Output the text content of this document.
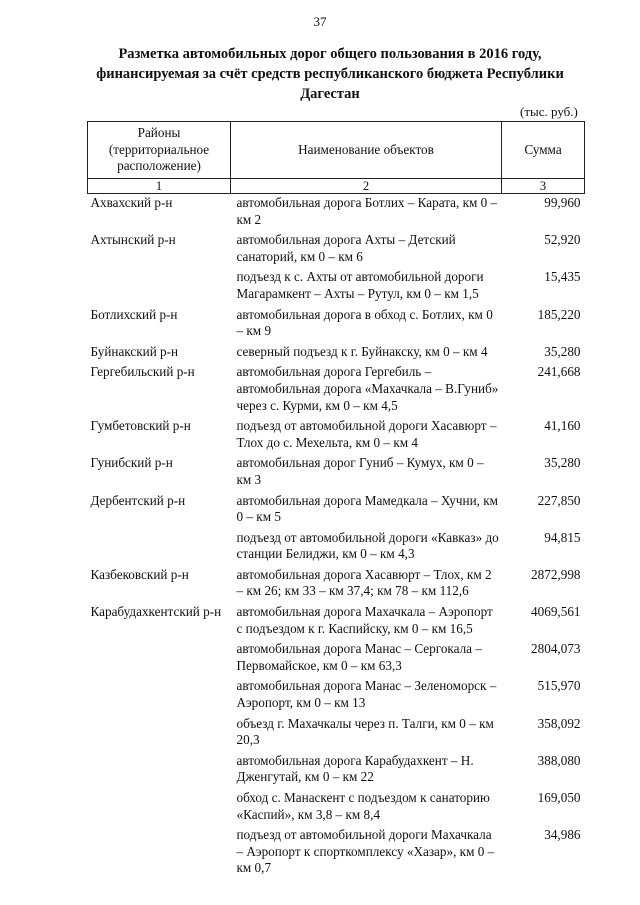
37
Разметка автомобильных дорог общего пользования в 2016 году,
финансируемая за счёт средств республиканского бюджета Республики
Дагестан
(тыс. руб.)
Районы (территориальное расположение)	Наименование объектов	Сумма
1	2	3
Ахвахский р-н	автомобильная дорога Ботлих – Карата, км 0 – км 2	99,960
Ахтынский р-н	автомобильная дорога Ахты – Детский санаторий, км 0 – км 6	52,920
	подъезд к с. Ахты от автомобильной дороги Магарамкент – Ахты – Рутул, км 0 – км 1,5	15,435
Ботлихский р-н	автомобильная дорога в обход с. Ботлих, км 0 – км 9	185,220
Буйнакский р-н	северный подъезд к г. Буйнакску, км 0 – км 4	35,280
Гергебильский р-н	автомобильная дорога Гергебиль – автомобильная дорога «Махачкала – В.Гуниб» через с. Курми, км 0 – км 4,5	241,668
Гумбетовский р-н	подъезд от автомобильной дороги Хасавюрт – Тлох до с. Мехельта, км 0 – км 4	41,160
Гунибский р-н	автомобильная дорог Гуниб – Кумух, км 0 – км 3	35,280
Дербентский р-н	автомобильная дорога Мамедкала – Хучни, км 0 – км 5	227,850
	подъезд от автомобильной дороги «Кавказ» до станции Белиджи, км 0 – км 4,3	94,815
Казбековский р-н	автомобильная дорога Хасавюрт – Тлох, км 2 – км 26; км 33 – км 37,4; км 78 – км 112,6	2872,998
Карабудахкентский р-н	автомобильная дорога Махачкала – Аэропорт с подъездом к г. Каспийску, км 0 – км 16,5	4069,561
	автомобильная дорога Манас – Сергокала – Первомайское, км 0 – км 63,3	2804,073
	автомобильная дорога Манас – Зеленоморск – Аэропорт, км 0 – км 13	515,970
	объезд г. Махачкалы через п. Талги, км 0 – км 20,3	358,092
	автомобильная дорога Карабудахкент – Н. Дженгутай, км 0 – км 22	388,080
	обход с. Манаскент с подъездом к санаторию «Каспий», км 3,8 – км 8,4	169,050
	подъезд от автомобильной дороги Махачкала – Аэропорт к спорткомплексу «Хазар», км 0 – км 0,7	34,986
